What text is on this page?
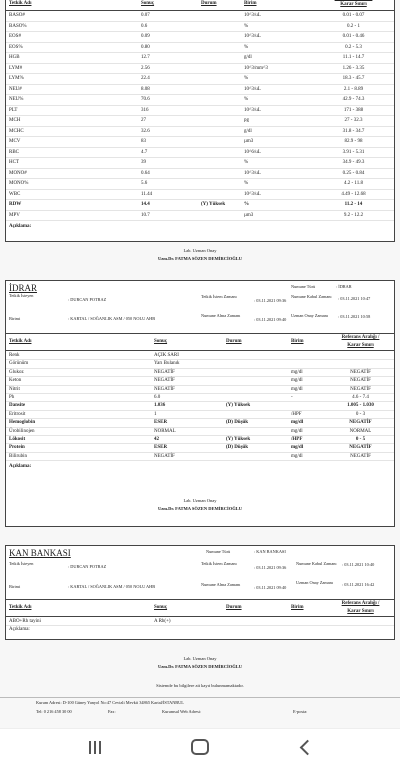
Tetkik Adı	Sonuç	Durum	Birim	Karar Sınırı
BASO#	0.07	10^3/uL	0.01 - 0.07
BASO%	0.6	%	0.2 - 1
EOS#	0.09	10^3/uL	0.01 - 0.46
EOS%	0.80	%	0.2 - 5.3
HGB	12.7	g/dl	11.1 - 14.7
LYM#	2.56	10^3/mm^3	1.26 - 3.35
LYM%	22.4	%	18.3 - 45.7
NEU#	8.08	10^3/uL	2.1 - 8.89
NEU%	70.6	%	42.9 - 74.3
PLT	316	10^3/uL	171 - 388
MCH	27	pg	27 - 32.3
MCHC	32.6	g/dl	31.8 - 34.7
MCV	83	µm3	82.9 - 98
RBC	4.7	10^6/uL	3.91 - 5.31
HCT	39	%	34.9 - 49.3
MONO#	0.64	10^3/uL	0.25 - 0.84
MONO%	5.6	%	4.2 - 11.8
WBC	11.44	10^3/uL	4.49 - 12.68
RDW	14.4	(Y) Yüksek	%	11.2 - 14
MPV	10.7	µm3	9.2 - 12.2
Açıklama:
Lab. Uzman Onay
Uzm.Dr. FATMA SÖZEN DEMİRCİOĞLU
İDRAR
Tetkik İsteyen
: DURCAN POTRAZ
Birimi	: KARTAL / SOĞANLIK ASM / 050 NOLU AHB
Tetkik İstem Zamanı
: 03.11.2021 09:36
Numune Alma Zamanı
: 03.11.2021 09:40
Numune Türü	: İDRAR
Numune Kabul Zamanı : 03.11.2021 10:47
Uzman Onay Zamanı : 03.11.2021 10:58
Tetkik Adı	Sonuç	Durum	Birim
Referans Aralığı /
Karar Sınırı
Renk	AÇIK SARI
Görünüm	Yarı Bulanık
Glukoz	NEGATİF	mg/dl	NEGATİF
Keton	NEGATİF	mg/dl	NEGATİF
Nitrit	NEGATİF	mg/dl	NEGATİF
Ph	6.0	-	4.6 - 7.4
Dansite	1.036	(Y) Yüksek	1.005 - 1.030
Eritrosit	1	/HPF	0 - 3
Hemoglobin	ESER	(D) Düşük	mg/dl	NEGATİF
Ürobilinojen	NORMAL	mg/dl	NORMAL
Lökosit	42	(Y) Yüksek	/HPF	0 - 5
Protein	ESER	(D) Düşük	mg/dl	NEGATİF
Bilirubin	NEGATİF	mg/dl	NEGATİF
Açıklama:
Lab. Uzman Onay
Uzm.Dr. FATMA SÖZEN DEMİRCİOĞLU
KAN BANKASI
Tetkik İsteyen
: DURCAN POTRAZ
Birimi	: KARTAL / SOĞANLIK ASM / 050 NOLU AHB
Tetkik İstem Zamanı
: 03.11.2021 09:36
Numune Alma Zamanı
: 03.11.2021 09:40
Numune Türü	: KAN BANKASI
Numune Kabul Zamanı : 03.11.2021 10:40
Uzman Onay Zamanı : 03.11.2021 16:42
Tetkik Adı	Sonuç	Durum	Birim
Referans Aralığı /
Karar Sınırı
ABO+Rh tayini	A Rh(+)
Açıklama:
Lab. Uzman Onay
Uzm.Dr. FATMA SÖZEN DEMİRCİOĞLU
Sistemde bu bilgilere ait kayıt bulunmamaktadır.
Kurum Adresi: D-100 Güney Yanyol No:47 Cevizli Mevkii 34865 Kartal/İSTANBUL
Tel: 0 216 458 30 00	Fax:	Kurumsal Web Adresi:	E-posta:
